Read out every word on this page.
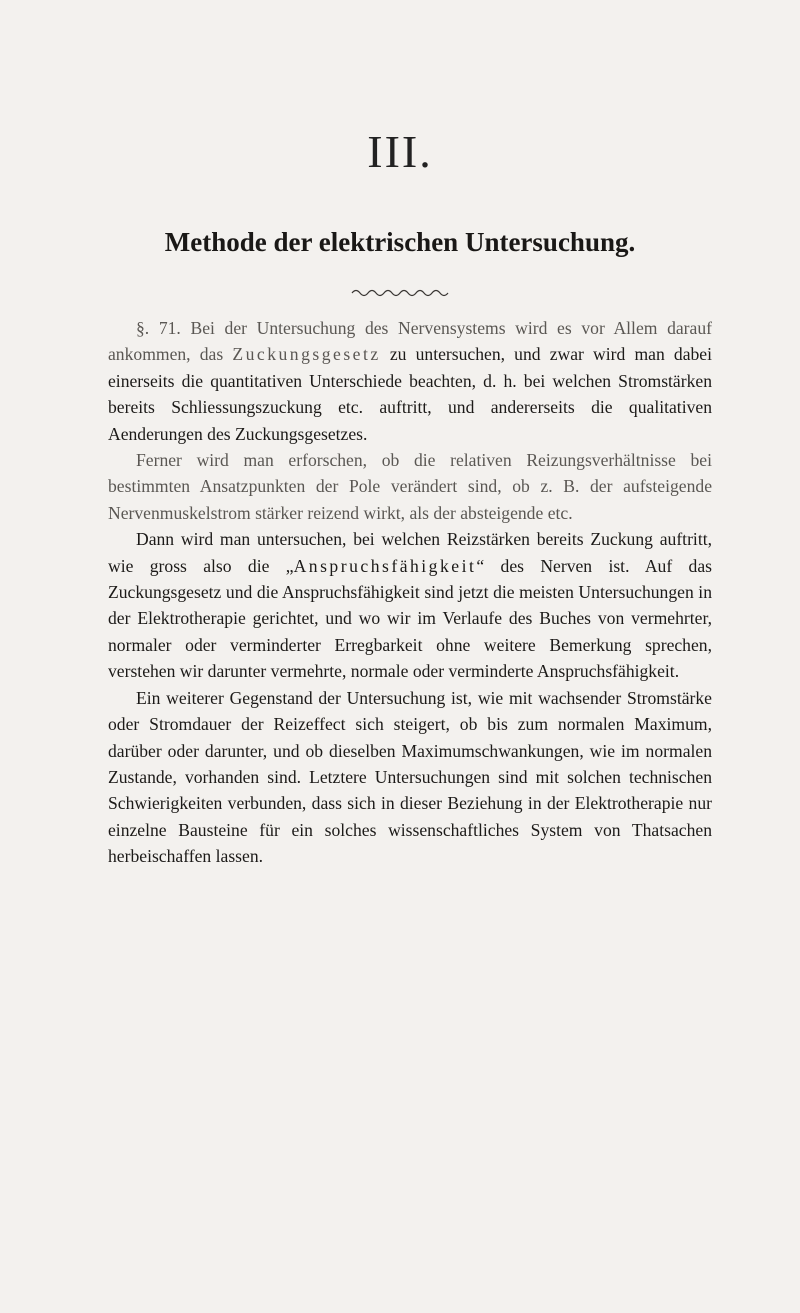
III.
Methode der elektrischen Untersuchung.

§. 71. Bei der Untersuchung des Nervensystems wird es vor Allem darauf ankommen, das Zuckungsgesetz zu untersuchen, und zwar wird man dabei einerseits die quantitativen Unterschiede beachten, d. h. bei welchen Stromstärken bereits Schliessungszuckung etc. auftritt, und andererseits die qualitativen Aenderungen des Zuckungsgesetzes.

Ferner wird man erforschen, ob die relativen Reizungsverhältnisse bei bestimmten Ansatzpunkten der Pole verändert sind, ob z. B. der aufsteigende Nervenmuskelstrom stärker reizend wirkt, als der absteigende etc.

Dann wird man untersuchen, bei welchen Reizstärken bereits Zuckung auftritt, wie gross also die „Anspruchsfähigkeit“ des Nerven ist. Auf das Zuckungsgesetz und die Anspruchsfähigkeit sind jetzt die meisten Untersuchungen in der Elektrotherapie gerichtet, und wo wir im Verlaufe des Buches von vermehrter, normaler oder verminderter Erregbarkeit ohne weitere Bemerkung sprechen, verstehen wir darunter vermehrte, normale oder verminderte Anspruchsfähigkeit.

Ein weiterer Gegenstand der Untersuchung ist, wie mit wachsender Stromstärke oder Stromdauer der Reizeffect sich steigert, ob bis zum normalen Maximum, darüber oder darunter, und ob dieselben Maximumschwankungen, wie im normalen Zustande, vorhanden sind. Letztere Untersuchungen sind mit solchen technischen Schwierigkeiten verbunden, dass sich in dieser Beziehung in der Elektrotherapie nur einzelne Bausteine für ein solches wissenschaftliches System von Thatsachen herbeischaffen lassen.
